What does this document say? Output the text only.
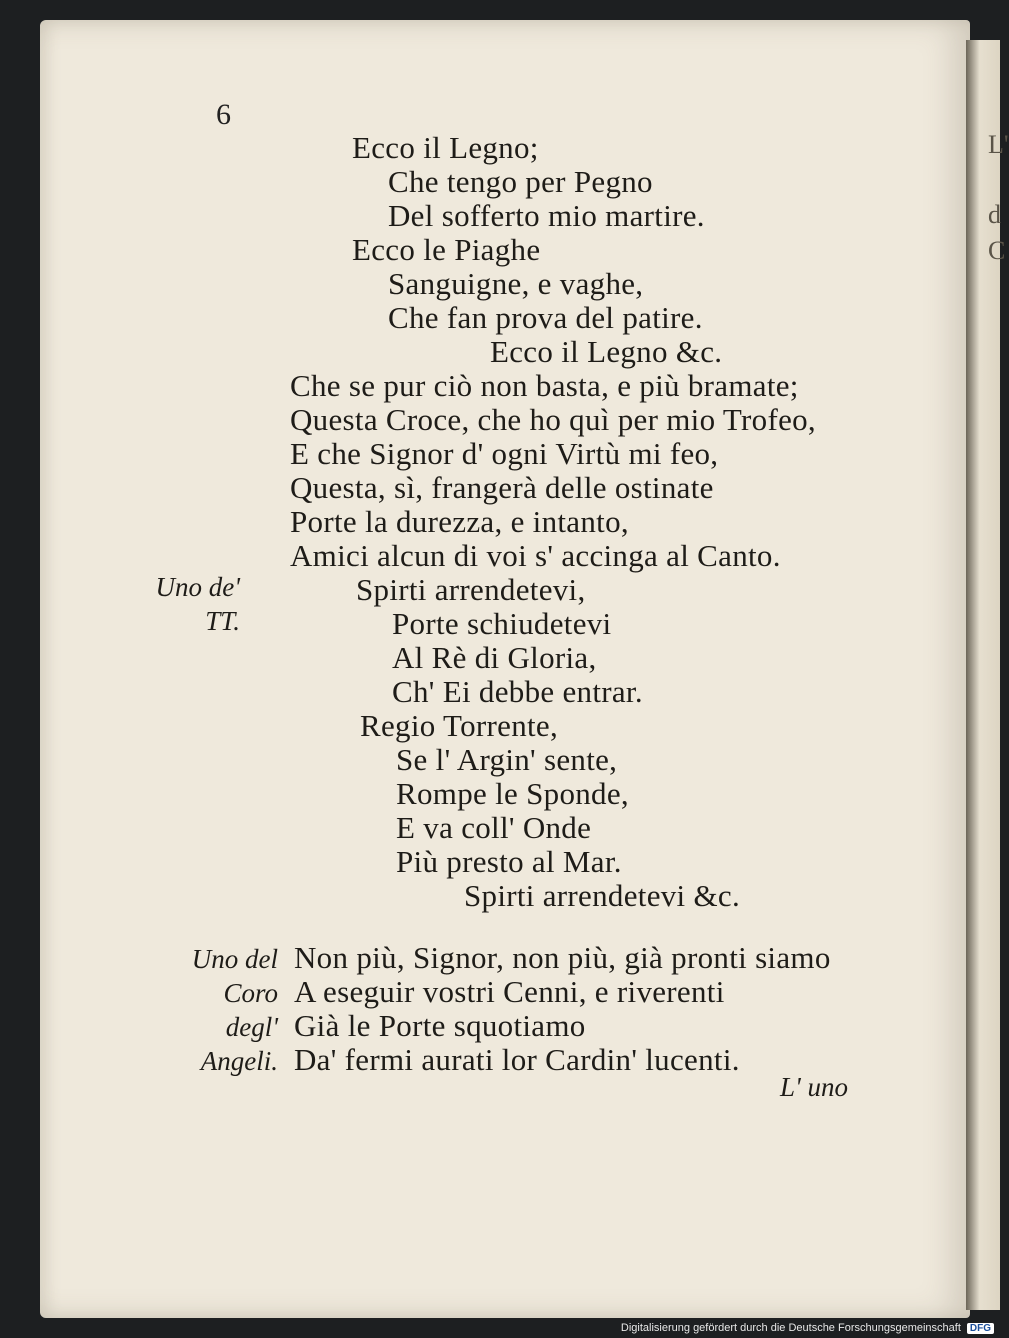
L'
d
C
6
Ecco il Legno;
Che tengo per Pegno
Del sofferto mio martire.
Ecco le Piaghe
Sanguigne, e vaghe,
Che fan prova del patire.
Ecco il Legno &c.
Che se pur ciò non basta, e più bramate;
Questa Croce, che ho quì per mio Trofeo,
E che Signor d' ogni Virtù mi feo,
Questa, sì, frangerà delle ostinate
Porte la durezza, e intanto,
Amici alcun di voi s' accinga al Canto.
Uno de'
TT.
Spirti arrendetevi,
Porte schiudetevi
Al Rè di Gloria,
Ch' Ei debbe entrar.
Regio Torrente,
Se l' Argin' sente,
Rompe le Sponde,
E va coll' Onde
Più presto al Mar.
Spirti arrendetevi &c.
Uno del
Coro
degl'
Angeli.
Non più, Signor, non più, già pronti siamo
A eseguir vostri Cenni, e riverenti
Già le Porte squotiamo
Da' fermi aurati lor Cardin' lucenti.
L' uno
Digitalisierung gefördert durch die Deutsche Forschungsgemeinschaft DFG
